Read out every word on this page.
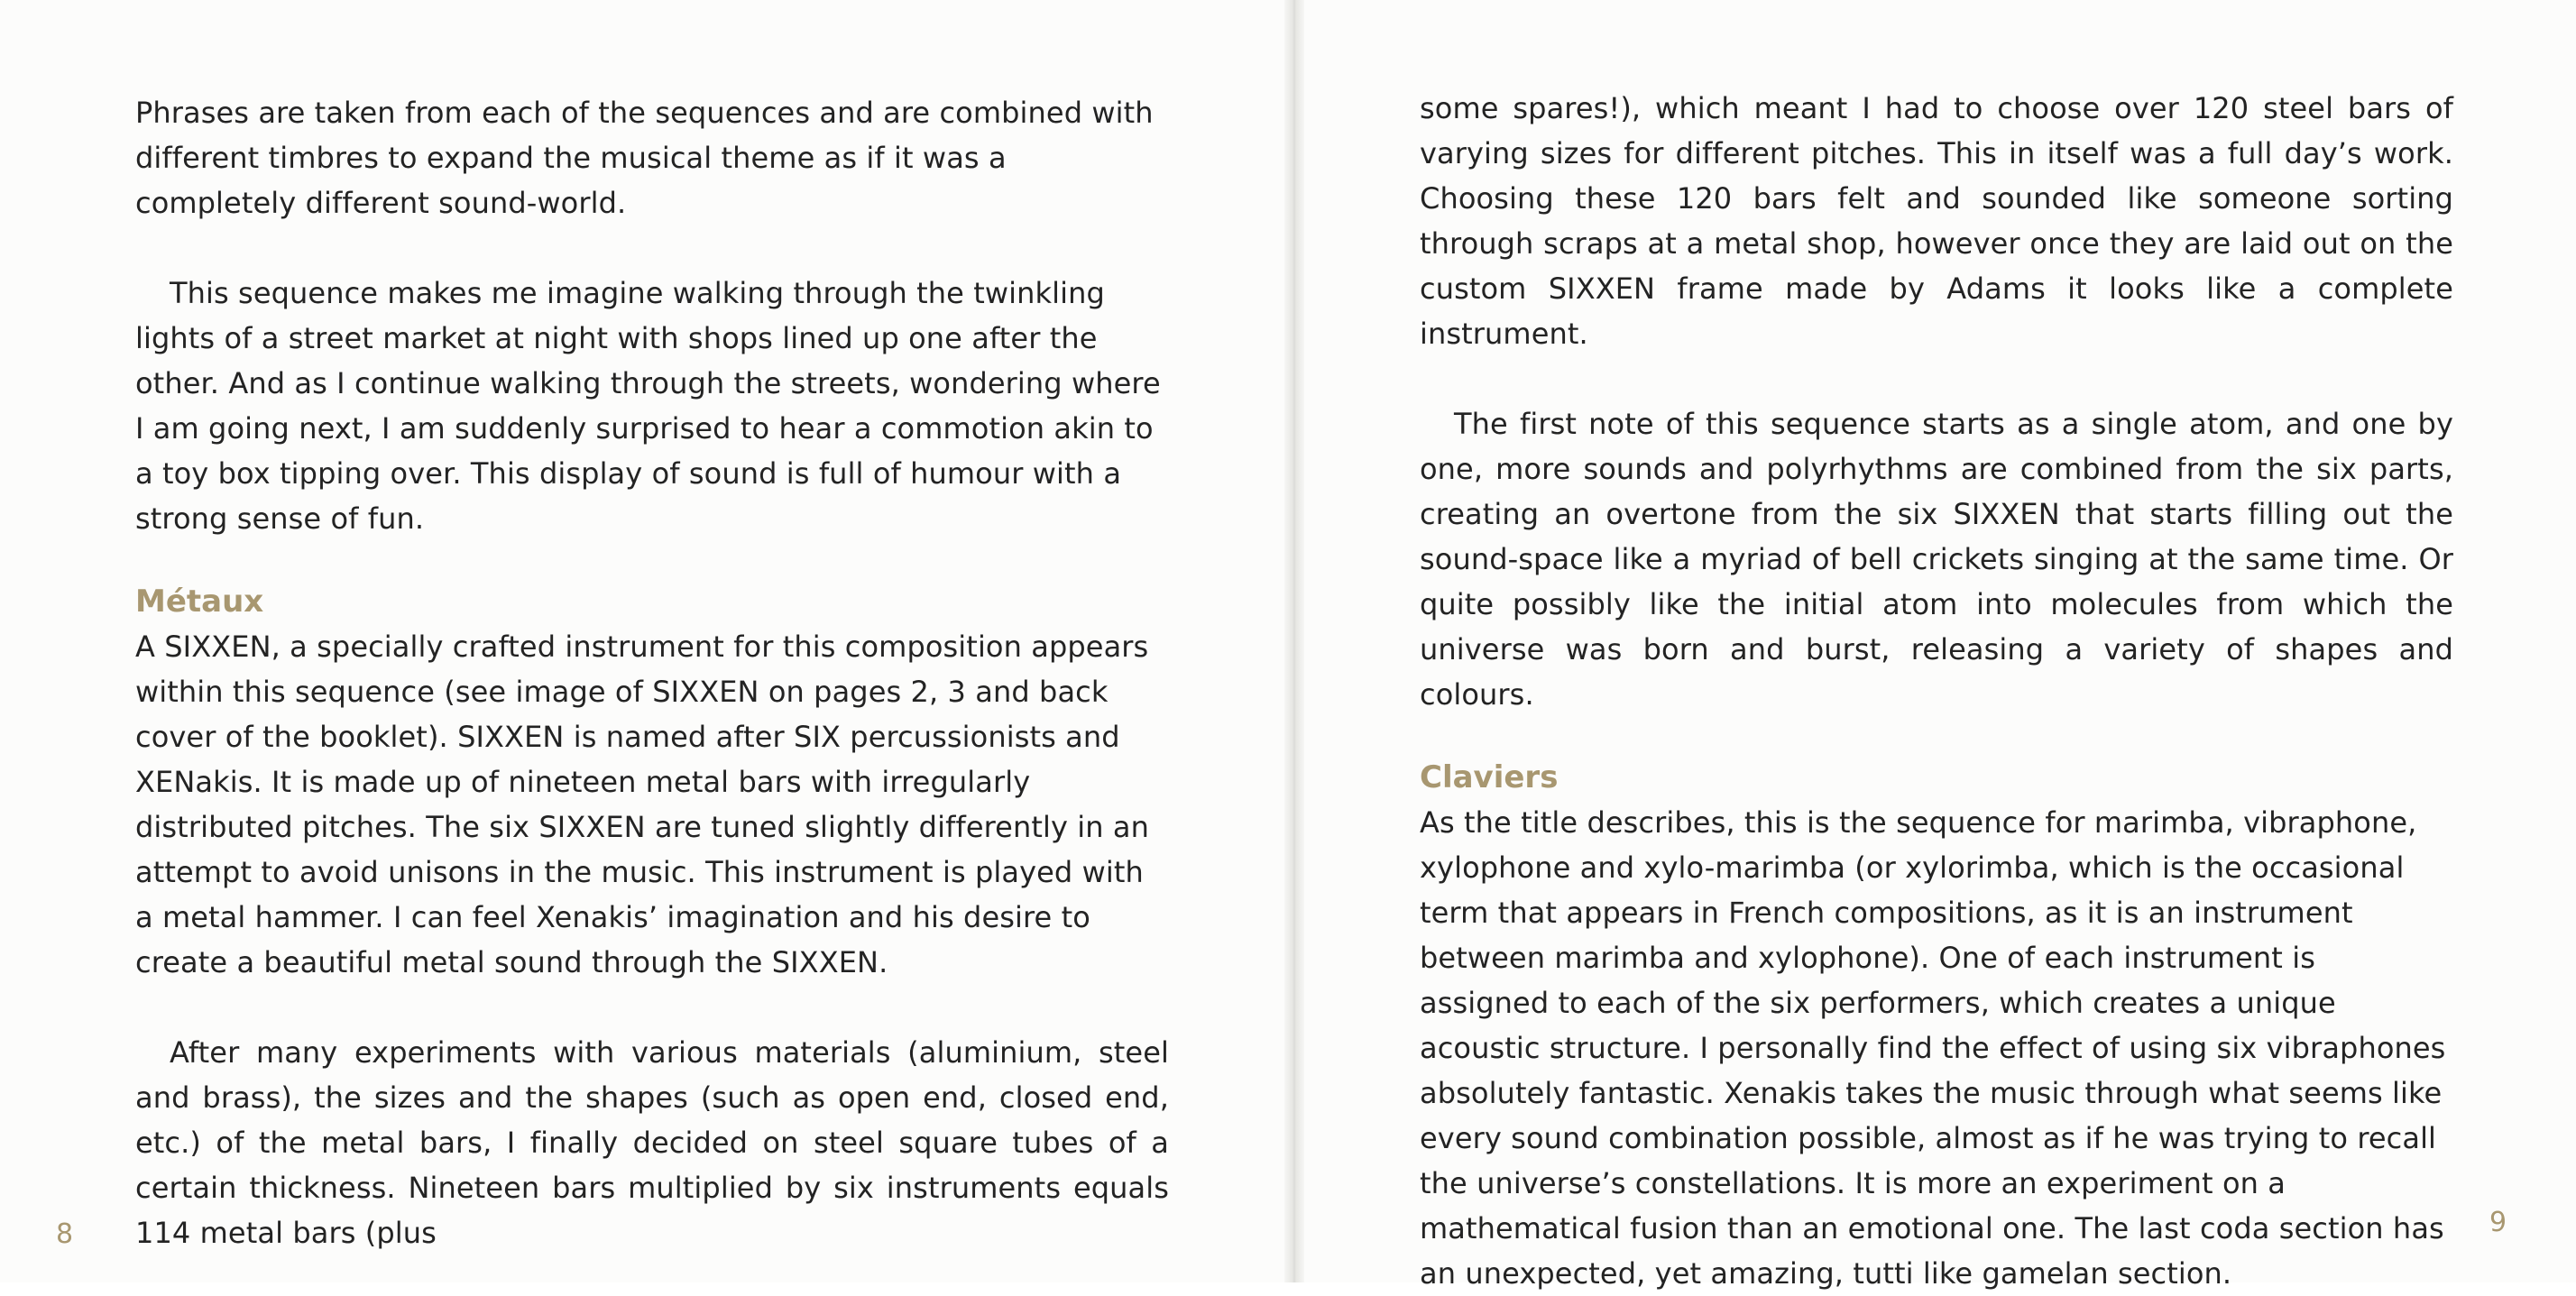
Phrases are taken from each of the sequences and are combined with different timbres to expand the musical theme as if it was a completely different sound-world.

This sequence makes me imagine walking through the twinkling lights of a street market at night with shops lined up one after the other. And as I continue walking through the streets, wondering where I am going next, I am suddenly surprised to hear a commotion akin to a toy box tipping over. This display of sound is full of humour with a strong sense of fun.

Métaux

A SIXXEN, a specially crafted instrument for this composition appears within this sequence (see image of SIXXEN on pages 2, 3 and back cover of the booklet). SIXXEN is named after SIX percussionists and XENakis. It is made up of nineteen metal bars with irregularly distributed pitches. The six SIXXEN are tuned slightly differently in an attempt to avoid unisons in the music. This instrument is played with a metal hammer. I can feel Xenakis’ imagination and his desire to create a beautiful metal sound through the SIXXEN.

After many experiments with various materials (aluminium, steel and brass), the sizes and the shapes (such as open end, closed end, etc.) of the metal bars, I finally decided on steel square tubes of a certain thickness. Nineteen bars multiplied by six instruments equals 114 metal bars (plus

8

some spares!), which meant I had to choose over 120 steel bars of varying sizes for different pitches. This in itself was a full day’s work. Choosing these 120 bars felt and sounded like someone sorting through scraps at a metal shop, however once they are laid out on the custom SIXXEN frame made by Adams it looks like a complete instrument.

The first note of this sequence starts as a single atom, and one by one, more sounds and polyrhythms are combined from the six parts, creating an overtone from the six SIXXEN that starts filling out the sound-space like a myriad of bell crickets singing at the same time. Or quite possibly like the initial atom into molecules from which the universe was born and burst, releasing a variety of shapes and colours.

Claviers

As the title describes, this is the sequence for marimba, vibraphone, xylophone and xylo-marimba (or xylorimba, which is the occasional term that appears in French compositions, as it is an instrument between marimba and xylophone). One of each instrument is assigned to each of the six performers, which creates a unique acoustic structure. I personally find the effect of using six vibraphones absolutely fantastic. Xenakis takes the music through what seems like every sound combination possible, almost as if he was trying to recall the universe’s constellations. It is more an experiment on a mathematical fusion than an emotional one. The last coda section has an unexpected, yet amazing, tutti like gamelan section.

9
